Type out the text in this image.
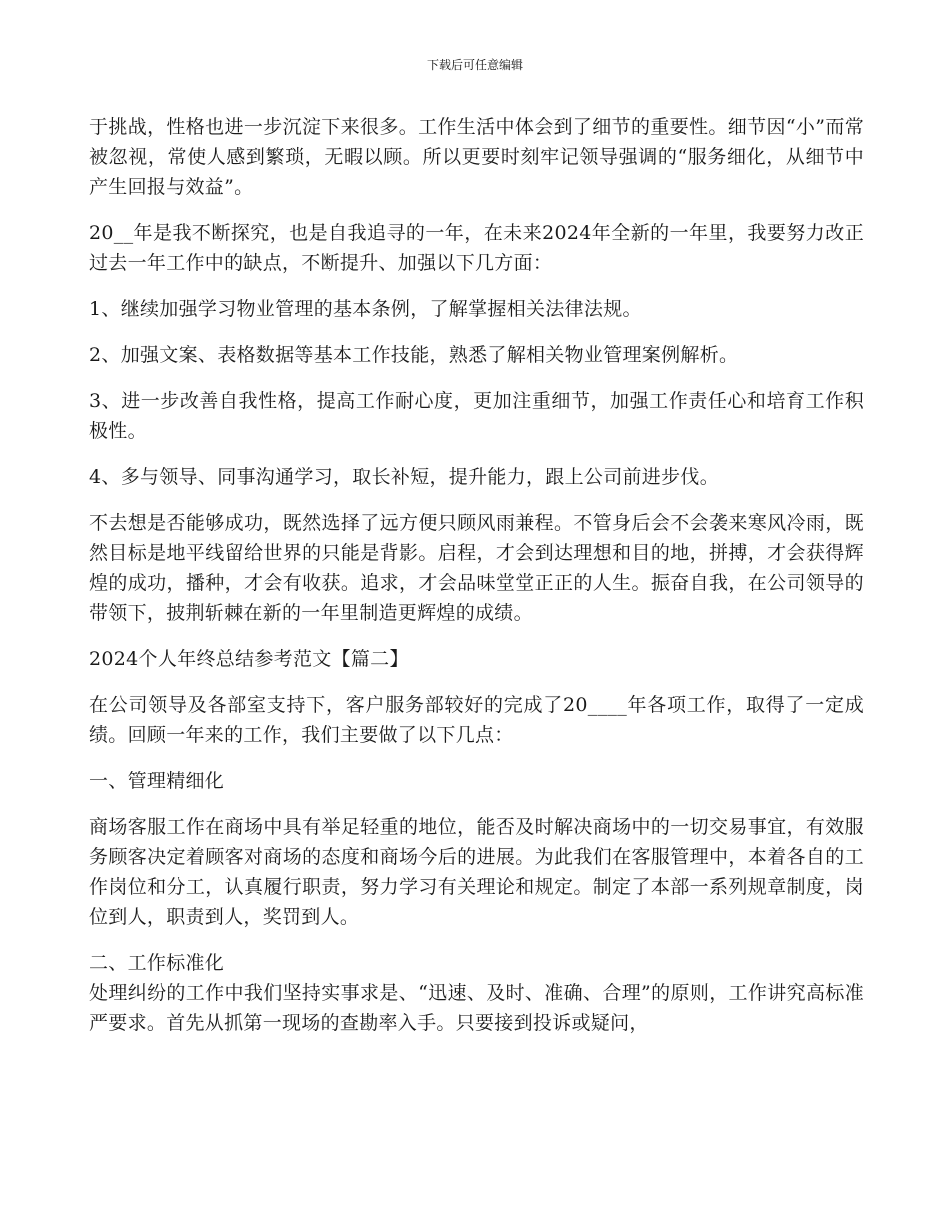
下载后可任意编辑

于挑战，性格也进一步沉淀下来很多。工作生活中体会到了细节的重要性。细节因“小”而常被忽视，常使人感到繁琐，无暇以顾。所以更要时刻牢记领导强调的“服务细化，从细节中产生回报与效益”。

20__年是我不断探究，也是自我追寻的一年，在未来2024年全新的一年里，我要努力改正过去一年工作中的缺点，不断提升、加强以下几方面：

1、继续加强学习物业管理的基本条例，了解掌握相关法律法规。

2、加强文案、表格数据等基本工作技能，熟悉了解相关物业管理案例解析。

3、进一步改善自我性格，提高工作耐心度，更加注重细节，加强工作责任心和培育工作积极性。

4、多与领导、同事沟通学习，取长补短，提升能力，跟上公司前进步伐。

不去想是否能够成功，既然选择了远方便只顾风雨兼程。不管身后会不会袭来寒风冷雨，既然目标是地平线留给世界的只能是背影。启程，才会到达理想和目的地，拼搏，才会获得辉煌的成功，播种，才会有收获。追求，才会品味堂堂正正的人生。振奋自我，在公司领导的带领下，披荆斩棘在新的一年里制造更辉煌的成绩。

2024个人年终总结参考范文【篇二】

在公司领导及各部室支持下，客户服务部较好的完成了20____年各项工作，取得了一定成绩。回顾一年来的工作，我们主要做了以下几点：

一、管理精细化

商场客服工作在商场中具有举足轻重的地位，能否及时解决商场中的一切交易事宜，有效服务顾客决定着顾客对商场的态度和商场今后的进展。为此我们在客服管理中，本着各自的工作岗位和分工，认真履行职责，努力学习有关理论和规定。制定了本部一系列规章制度，岗位到人，职责到人，奖罚到人。

二、工作标准化

处理纠纷的工作中我们坚持实事求是、“迅速、及时、准确、合理”的原则，工作讲究高标准严要求。首先从抓第一现场的查勘率入手。只要接到投诉或疑问，
